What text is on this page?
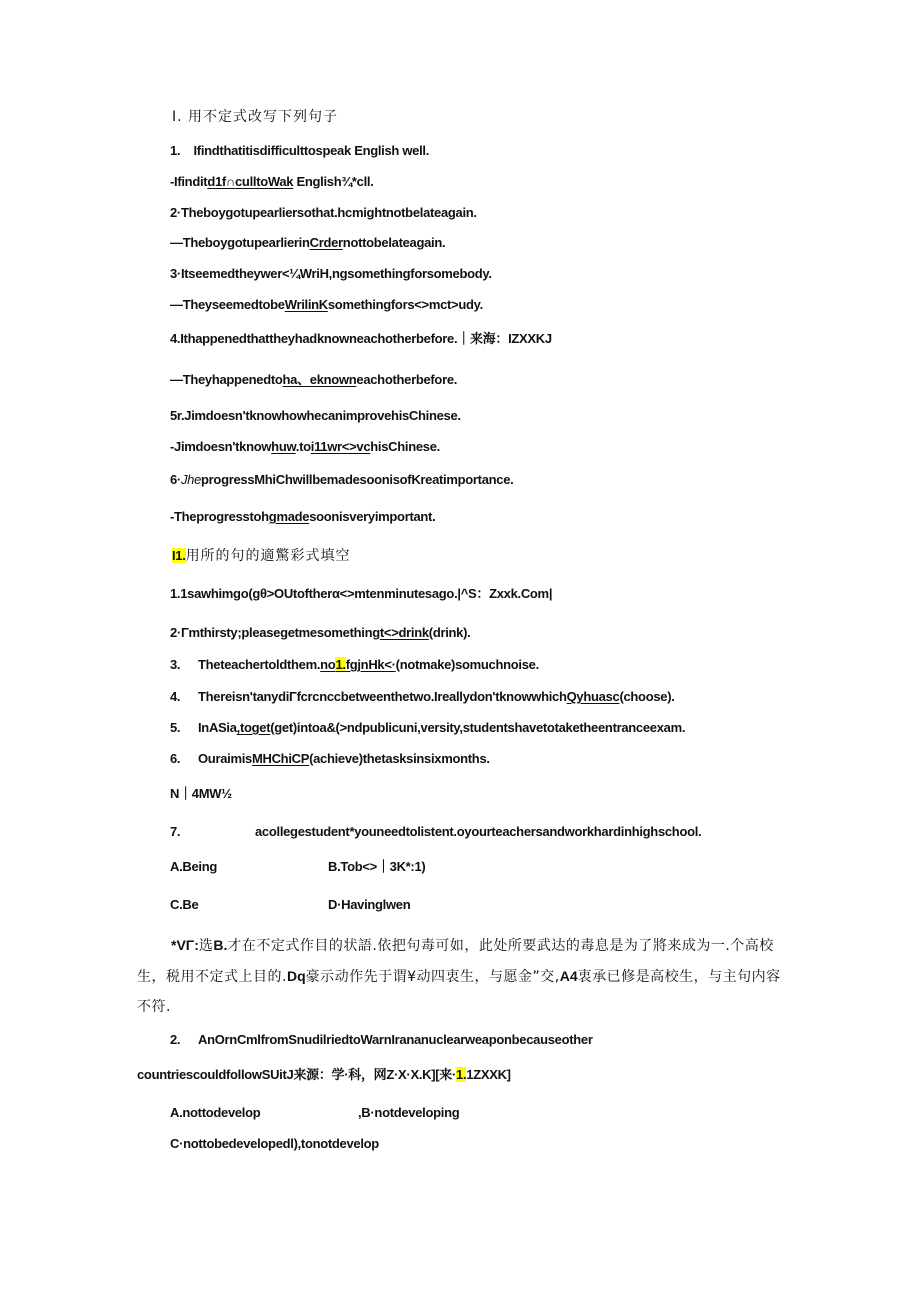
I. 用不定式改写下列句子
1.    Ifindthatitisdifficulttospeak English well.
-Ifinditd1f∩culltoWak English¾*cll.
2·Theboygotupearliersothat.hcmightnotbelateagain.
—TheboygotupearlierinCrdernottobelateagain.
3·Itseemedtheywer<¼WriH,ngsomethingforsomebody.
—TheyseemedtobeWrilinKsomethingfors<>mct>udy.
4.Ithappenedthattheyhadknowneachotherbefore.｜来海：IZXXKJ
—Theyhappenedtoha、eknowneachotherbefore.
5r.Jimdoesn'tknowhowhecanimprovehisChinese.
-Jimdoesn'tknowhuw.toi11wr<>vchisChinese.
6·JheprogressMhiChwillbemadesoonisofKreatimportance.
-Theprogresstohgmadesoonisveryimportant.
I1.用所的句的適驚彩式填空
1.1sawhimgo(gθ>OUtoftherα<>mtenminutesago.|^S：Zxxk.Com|
2·Γmthirsty;pleasegetmesomethingt<>drink(drink).
3. Theteachertoldthem.no1.fgjnHk<·(notmake)somuchnoise.
4. Thereisn'tanydiΓfcrcnccbetweenthetwo.Ireallydon'tknowwhichQyhuasc(choose).
5. InASia,toget(get)intoa&(>ndpublicuni,versity,studentshavetotaketheentranceexam.
6. OuraimisMHChiCP(achieve)thetasksinsixmonths.
N｜4MW½
7.	acollegestudent*youneedtolistent.oyourteachersandworkhardinhighschool.
A.Being	B.Tob<>｜3K*:1)
C.Be	D·Havinglwen
*VΓ:选B.才在不定式作目的状語.依把句毒可如，此处所要武达的毒息是为了將来成为一.个高校生，税用不定式上目的.Dq豪示动作先于谓¥动四衷生，与愿金”交,A4衷承已修是高校生，与主句内容不符.
2. AnOrnCmlfromSnudilriedtoWarnIrananuclearweaponbecauseother
countriescouldfollowSUitJ来源：学·科，网Z·X·X.K][来·1.1ZXXK]
A.nottodevelop	,B·notdeveloping
C·nottobedevelopedl),tonotdevelop
